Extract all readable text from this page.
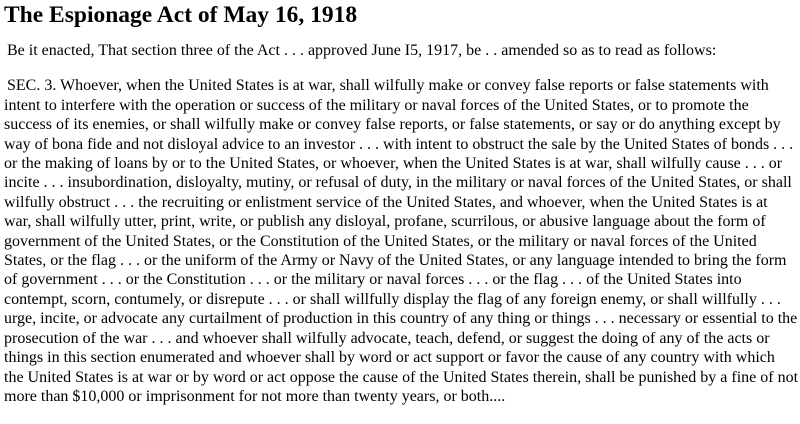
The Espionage Act of May 16, 1918

Be it enacted, That section three of the Act . . . approved June I5, 1917, be . . amended so as to read as follows:

SEC. 3. Whoever, when the United States is at war, shall wilfully make or convey false reports or false statements with intent to interfere with the operation or success of the military or naval forces of the United States, or to promote the success of its enemies, or shall wilfully make or convey false reports, or false statements, or say or do anything except by way of bona fide and not disloyal advice to an investor . . . with intent to obstruct the sale by the United States of bonds . . . or the making of loans by or to the United States, or whoever, when the United States is at war, shall wilfully cause . . . or incite . . . insubordination, disloyalty, mutiny, or refusal of duty, in the military or naval forces of the United States, or shall wilfully obstruct . . . the recruiting or enlistment service of the United States, and whoever, when the United States is at war, shall wilfully utter, print, write, or publish any disloyal, profane, scurrilous, or abusive language about the form of government of the United States, or the Constitution of the United States, or the military or naval forces of the United States, or the flag . . . or the uniform of the Army or Navy of the United States, or any language intended to bring the form of government . . . or the Constitution . . . or the military or naval forces . . . or the flag . . . of the United States into contempt, scorn, contumely, or disrepute . . . or shall willfully display the flag of any foreign enemy, or shall willfully . . . urge, incite, or advocate any curtailment of production in this country of any thing or things . . . necessary or essential to the prosecution of the war . . . and whoever shall wilfully advocate, teach, defend, or suggest the doing of any of the acts or things in this section enumerated and whoever shall by word or act support or favor the cause of any country with which the United States is at war or by word or act oppose the cause of the United States therein, shall be punished by a fine of not more than $10,000 or imprisonment for not more than twenty years, or both....
